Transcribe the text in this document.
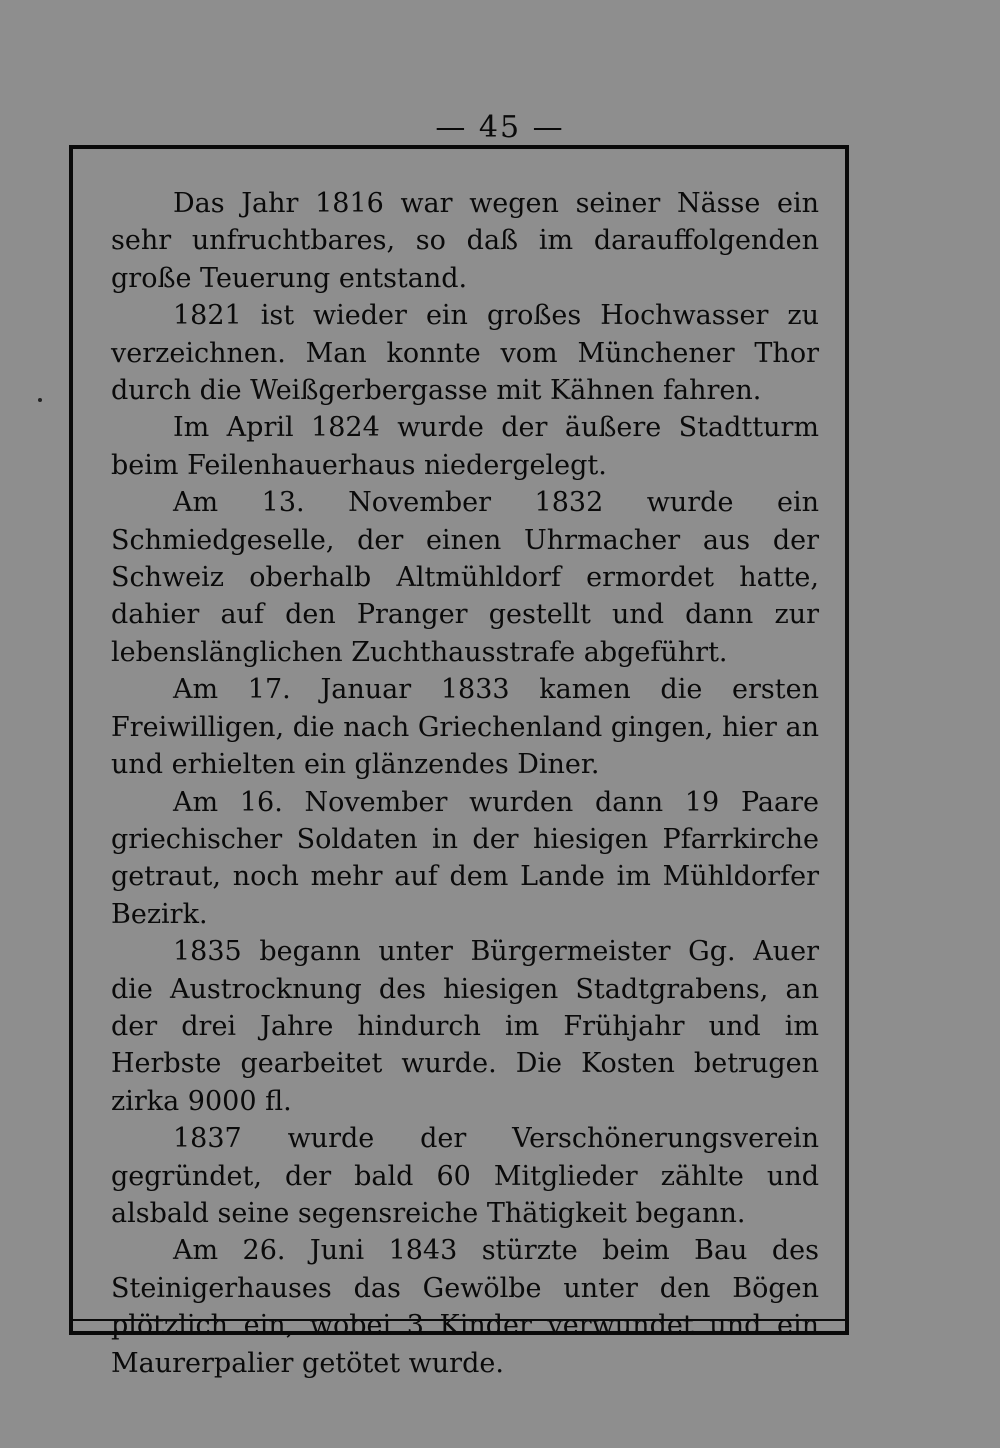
— 45 —

Das Jahr 1816 war wegen seiner Nässe ein sehr unfruchtbares, so daß im darauffolgenden große Teuerung entstand.

1821 ist wieder ein großes Hochwasser zu verzeichnen. Man konnte vom Münchener Thor durch die Weißgerbergasse mit Kähnen fahren.

Im April 1824 wurde der äußere Stadtturm beim Feilenhauerhaus niedergelegt.

Am 13. November 1832 wurde ein Schmiedgeselle, der einen Uhrmacher aus der Schweiz oberhalb Altmühldorf ermordet hatte, dahier auf den Pranger gestellt und dann zur lebenslänglichen Zuchthausstrafe abgeführt.

Am 17. Januar 1833 kamen die ersten Freiwilligen, die nach Griechenland gingen, hier an und erhielten ein glänzendes Diner.

Am 16. November wurden dann 19 Paare griechischer Soldaten in der hiesigen Pfarrkirche getraut, noch mehr auf dem Lande im Mühldorfer Bezirk.

1835 begann unter Bürgermeister Gg. Auer die Austrocknung des hiesigen Stadtgrabens, an der drei Jahre hindurch im Frühjahr und im Herbste gearbeitet wurde. Die Kosten betrugen zirka 9000 fl.

1837 wurde der Verschönerungsverein gegründet, der bald 60 Mitglieder zählte und alsbald seine segensreiche Thätigkeit begann.

Am 26. Juni 1843 stürzte beim Bau des Steinigerhauses das Gewölbe unter den Bögen plötzlich ein, wobei 3 Kinder verwundet und ein Maurerpalier getötet wurde.
